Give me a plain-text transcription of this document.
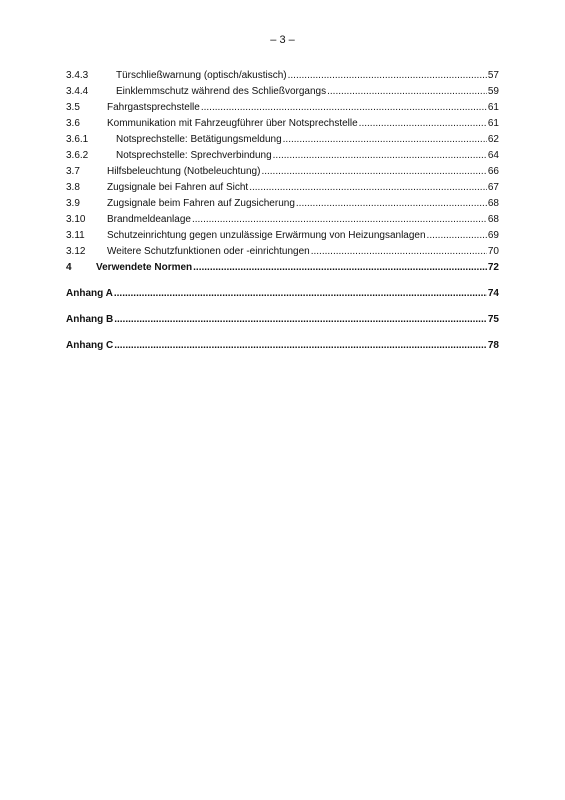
– 3 –
3.4.3	Türschließwarnung (optisch/akustisch) .....	57
3.4.4	Einklemmschutz während des Schließvorgangs .....	59
3.5	Fahrgastsprechstelle .....	61
3.6	Kommunikation mit Fahrzeugführer über Notsprechstelle .....	61
3.6.1	Notsprechstelle: Betätigungsmeldung .....	62
3.6.2	Notsprechstelle: Sprechverbindung .....	64
3.7	Hilfsbeleuchtung (Notbeleuchtung) .....	66
3.8	Zugsignale bei Fahren auf Sicht .....	67
3.9	Zugsignale beim Fahren auf Zugsicherung .....	68
3.10	Brandmeldeanlage .....	68
3.11	Schutzeinrichtung gegen unzulässige Erwärmung von Heizungsanlagen .....	69
3.12	Weitere Schutzfunktionen oder -einrichtungen .....	70
4	Verwendete Normen .....	72
Anhang A .....	74
Anhang B .....	75
Anhang C .....	78
